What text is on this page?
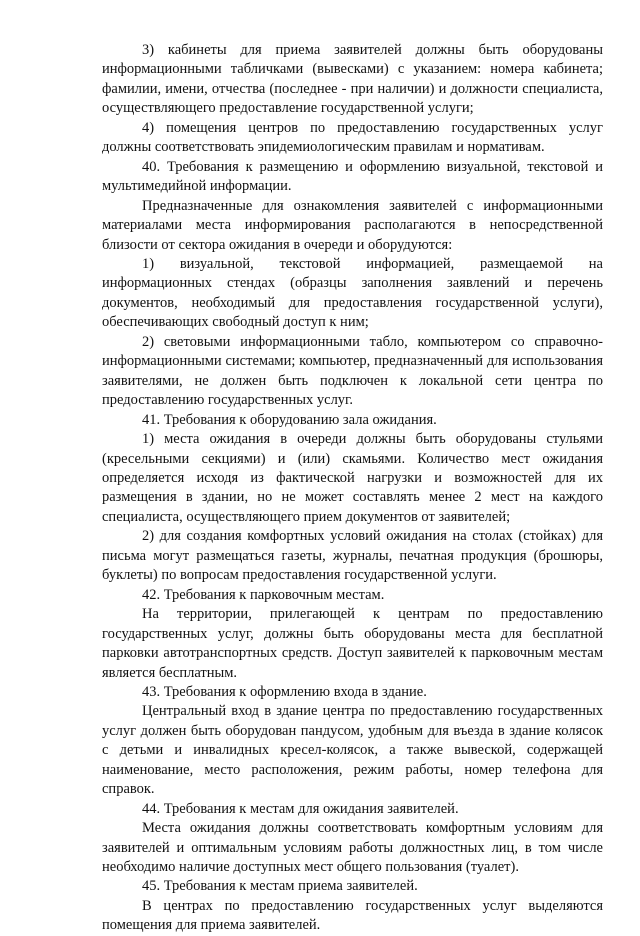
3) кабинеты для приема заявителей должны быть оборудованы информационными табличками (вывесками) с указанием: номера кабинета; фамилии, имени, отчества (последнее - при наличии) и должности специалиста, осуществляющего предоставление государственной услуги;

4) помещения центров по предоставлению государственных услуг должны соответствовать эпидемиологическим правилам и нормативам.

40. Требования к размещению и оформлению визуальной, текстовой и мультимедийной информации.

Предназначенные для ознакомления заявителей с информационными материалами места информирования располагаются в непосредственной близости от сектора ожидания в очереди и оборудуются:

1) визуальной, текстовой информацией, размещаемой на информационных стендах (образцы заполнения заявлений и перечень документов, необходимый для предоставления государственной услуги), обеспечивающих свободный доступ к ним;

2) световыми информационными табло, компьютером со справочно-информационными системами; компьютер, предназначенный для использования заявителями, не должен быть подключен к локальной сети центра по предоставлению государственных услуг.

41. Требования к оборудованию зала ожидания.

1) места ожидания в очереди должны быть оборудованы стульями (кресельными секциями) и (или) скамьями. Количество мест ожидания определяется исходя из фактической нагрузки и возможностей для их размещения в здании, но не может составлять менее 2 мест на каждого специалиста, осуществляющего прием документов от заявителей;

2) для создания комфортных условий ожидания на столах (стойках) для письма могут размещаться газеты, журналы, печатная продукция (брошюры, буклеты) по вопросам предоставления государственной услуги.

42. Требования к парковочным местам.

На территории, прилегающей к центрам по предоставлению государственных услуг, должны быть оборудованы места для бесплатной парковки автотранспортных средств. Доступ заявителей к парковочным местам является бесплатным.

43. Требования к оформлению входа в здание.

Центральный вход в здание центра по предоставлению государственных услуг должен быть оборудован пандусом, удобным для въезда в здание колясок с детьми и инвалидных кресел-колясок, а также вывеской, содержащей наименование, место расположения, режим работы, номер телефона для справок.

44. Требования к местам для ожидания заявителей.

Места ожидания должны соответствовать комфортным условиям для заявителей и оптимальным условиям работы должностных лиц, в том числе необходимо наличие доступных мест общего пользования (туалет).

45. Требования к местам приема заявителей.

В центрах по предоставлению государственных услуг выделяются помещения для приема заявителей.
